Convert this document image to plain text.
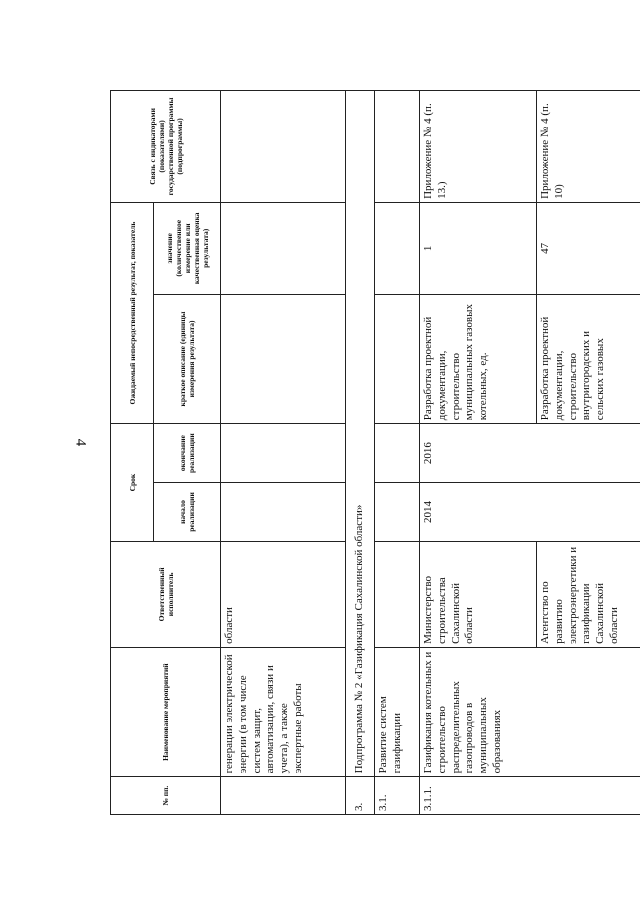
4
№ пп.	Наименование мероприятий	Ответственный исполнитель	Срок		Ожидаемый непосредственный результат, показатель		Связь с индикаторами (показателями) государственной программы (подпрограммы)
			начало реализации	окончание реализации	краткое описание (единицы измерения результата)	значение (количественное измерение или качественная оценка результата)	
	генерации электрической энергии (в том числе систем защит, автоматизации, связи и учета), а также экспертные работы	области					
3.	Подпрограмма № 2 «Газификация Сахалинской области»						
3.1.	Развитие систем газификации						
3.1.1.	Газификация котельных и строительство распределительных газопроводов в муниципальных образованиях	Министерство строительства Сахалинской области	2014	2016	Разработка проектной документации, строительство муниципальных газовых котельных, ед.	1	Приложение № 4 (п. 13.)
		Агентство по развитию электроэнергетики и газификации Сахалинской области			Разработка проектной документации, строительство внутригородских и сельских газовых	47	Приложение № 4 (п. 10)
